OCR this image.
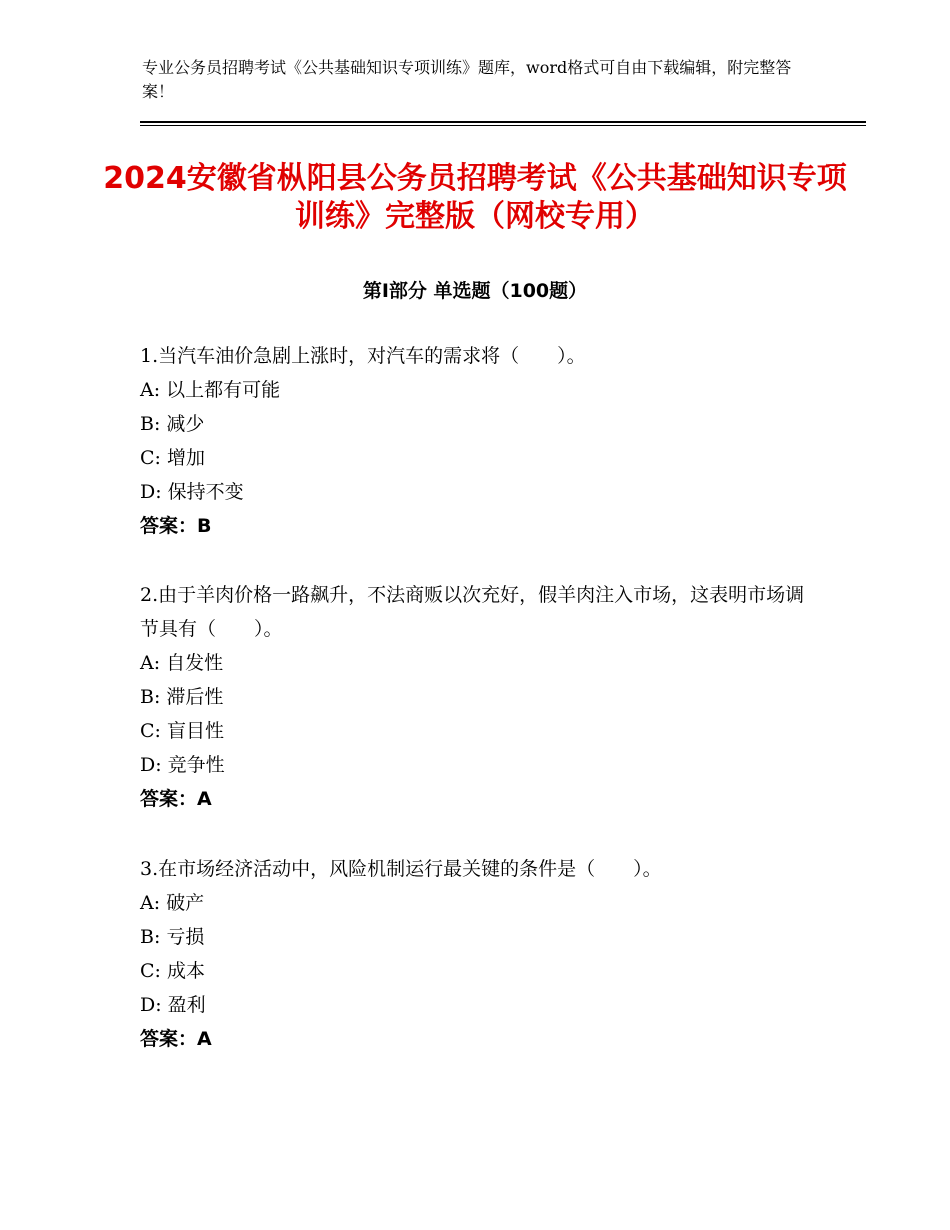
专业公务员招聘考试《公共基础知识专项训练》题库，word格式可自由下载编辑，附完整答案！
2024安徽省枞阳县公务员招聘考试《公共基础知识专项训练》完整版（网校专用）
第Ⅰ部分 单选题（100题）
1.当汽车油价急剧上涨时，对汽车的需求将（　　）。
A: 以上都有可能
B: 减少
C: 增加
D: 保持不变
答案：B
2.由于羊肉价格一路飙升，不法商贩以次充好，假羊肉注入市场，这表明市场调节具有（　　）。
A: 自发性
B: 滞后性
C: 盲目性
D: 竞争性
答案：A
3.在市场经济活动中，风险机制运行最关键的条件是（　　）。
A: 破产
B: 亏损
C: 成本
D: 盈利
答案：A
